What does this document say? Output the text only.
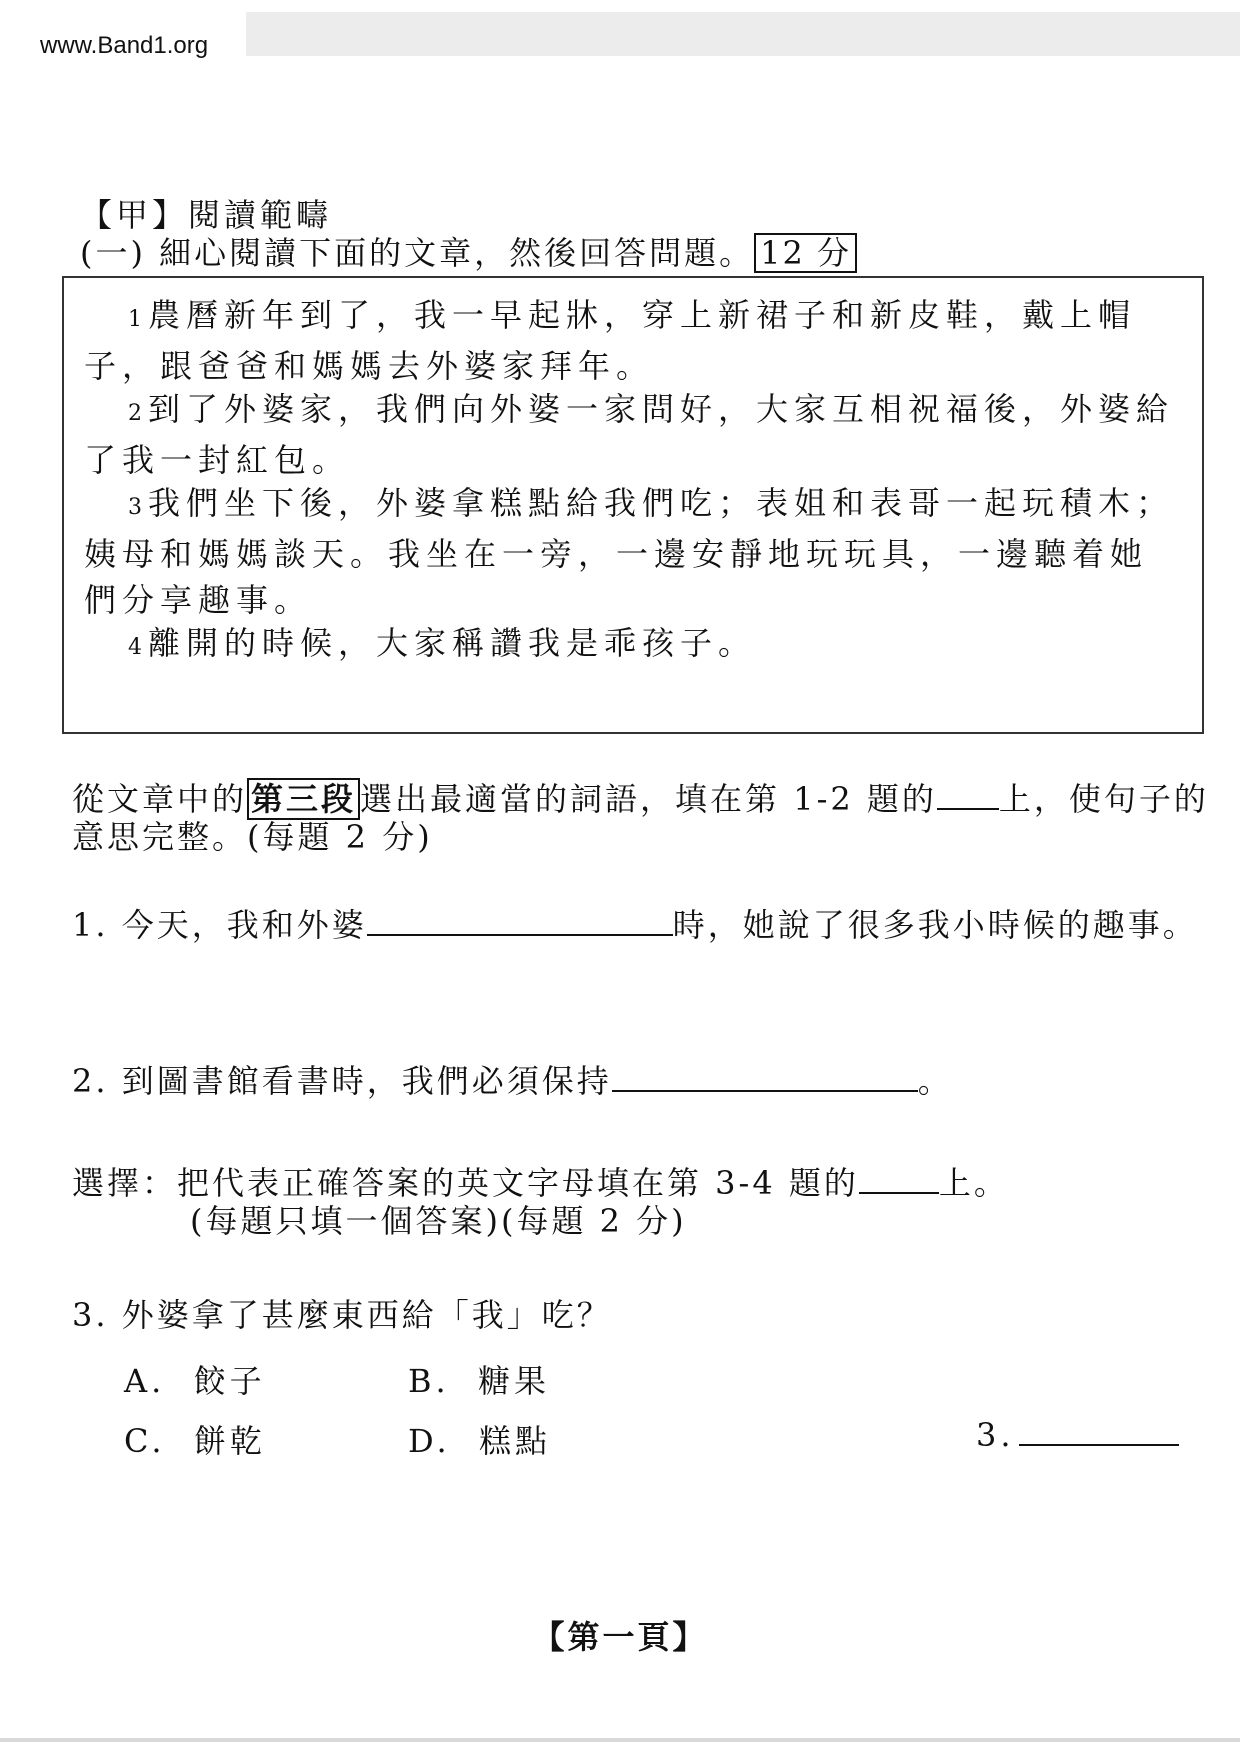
www.Band1.org
【甲】閱讀範疇
(一) 細心閱讀下面的文章，然後回答問題。 12 分
1 農曆新年到了，我一早起牀，穿上新裙子和新皮鞋，戴上帽子，跟爸爸和媽媽去外婆家拜年。
2 到了外婆家，我們向外婆一家問好，大家互相祝福後，外婆給了我一封紅包。
3 我們坐下後，外婆拿糕點給我們吃；表姐和表哥一起玩積木；姨母和媽媽談天。我坐在一旁，一邊安靜地玩玩具，一邊聽着她們分享趣事。
4 離開的時候，大家稱讚我是乖孩子。
從文章中的 第三段 選出最適當的詞語，填在第 1-2 題的 上，使句子的意思完整。(每題 2 分)
1. 今天，我和外婆	時，她說了很多我小時候的趣事。
2. 到圖書館看書時，我們必須保持	。
選擇：把代表正確答案的英文字母填在第 3-4 題的	上。
(每題只填一個答案)(每題 2 分)
3. 外婆拿了甚麼東西給「我」吃？
A. 餃子	B. 糖果
C. 餅乾	D. 糕點	3.
【第一頁】
